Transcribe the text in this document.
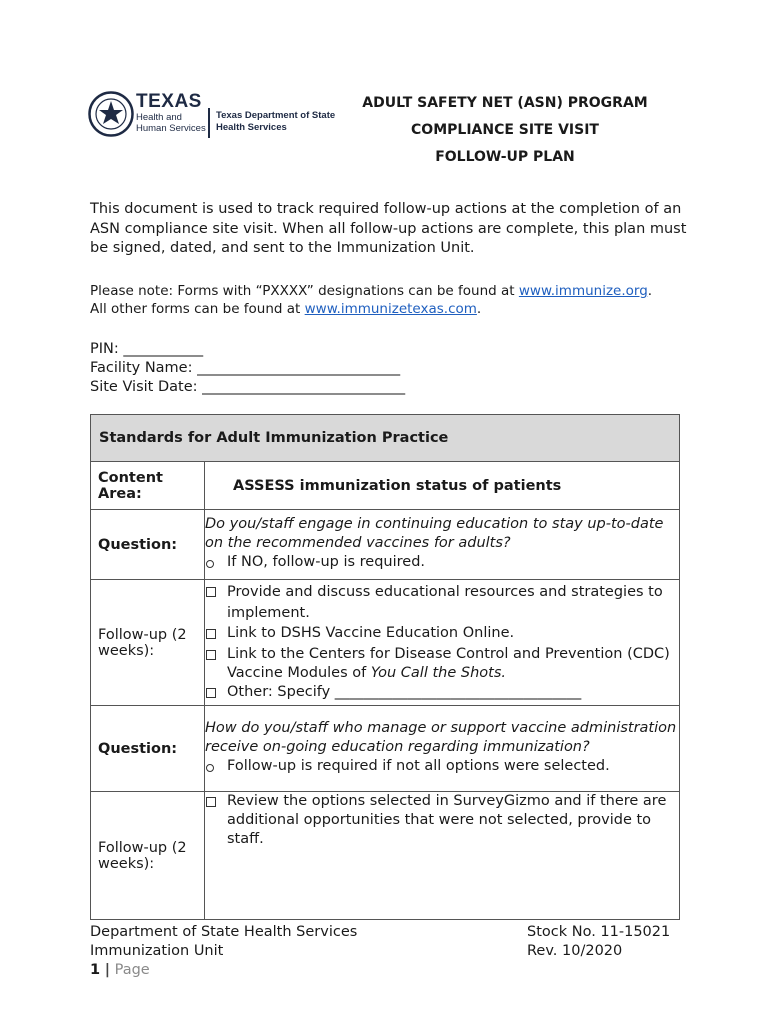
TEXAS
Health and Human Services
Texas Department of State Health Services
ADULT SAFETY NET (ASN) PROGRAM
COMPLIANCE SITE VISIT
FOLLOW-UP PLAN
This document is used to track required follow-up actions at the completion of an ASN compliance site visit. When all follow-up actions are complete, this plan must be signed, dated, and sent to the Immunization Unit.
Please note: Forms with “PXXXX” designations can be found at www.immunize.org.
All other forms can be found at www.immunizetexas.com.
PIN: ___________
Facility Name: ____________________________
Site Visit Date: ____________________________
Standards for Adult Immunization Practice	
Content Area:	ASSESS immunization status of patients
Question:	Do you/staff engage in continuing education to stay up-to-date on the recommended vaccines for adults?
If NO, follow-up is required.

Follow-up (2 weeks):	Provide and discuss educational resources and strategies to implement.
Link to DSHS Vaccine Education Online.
Link to the Centers for Disease Control and Prevention (CDC) Vaccine Modules of You Call the Shots.
Other: Specify __________________________________

Question:	How do you/staff who manage or support vaccine administration receive on-going education regarding immunization?
Follow-up is required if not all options were selected.

Follow-up (2 weeks):	Review the options selected in SurveyGizmo and if there are additional opportunities that were not selected, provide to staff.
Department of State Health Services
Immunization Unit
1 | Page
Stock No. 11-15021
Rev. 10/2020
